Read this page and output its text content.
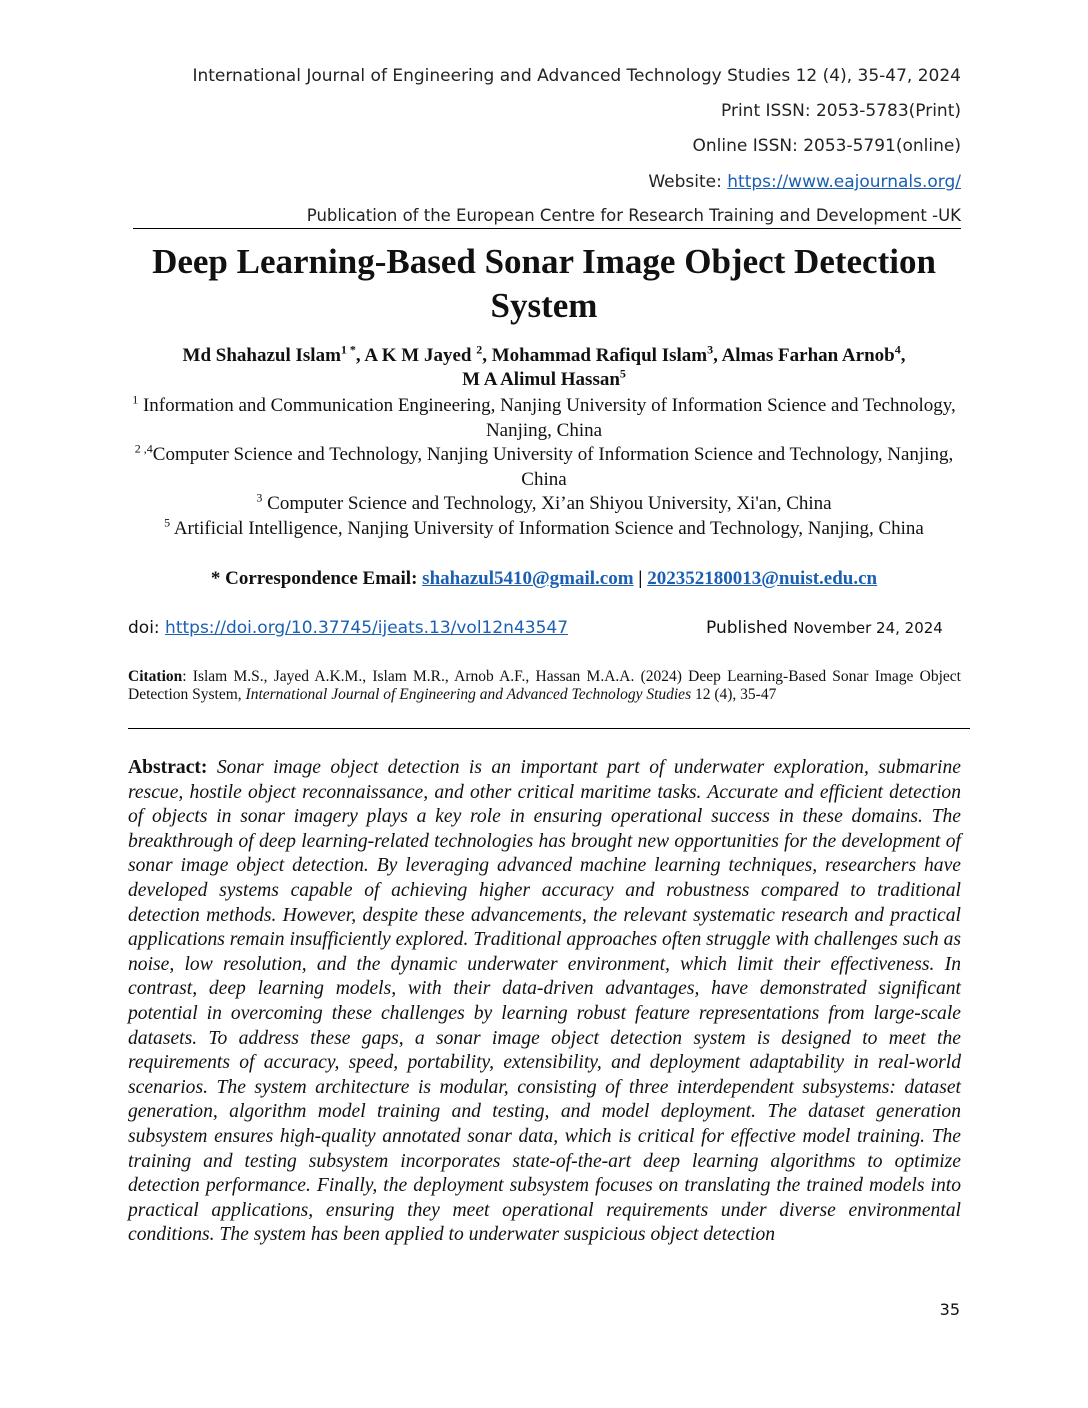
International Journal of Engineering and Advanced Technology Studies 12 (4), 35-47, 2024
Print ISSN: 2053-5783(Print)
Online ISSN: 2053-5791(online)
Website: https://www.eajournals.org/
Publication of the European Centre for Research Training and Development -UK
Deep Learning-Based Sonar Image Object Detection System
Md Shahazul Islam$^{1 *}$, A K M Jayed $^2$, Mohammad Rafiqul Islam$^3$, Almas Farhan Arnob$^4$,
M A Alimul Hassan$^5$
$^1$ Information and Communication Engineering, Nanjing University of Information Science and Technology, Nanjing, China
$^{2 ,4}$Computer Science and Technology, Nanjing University of Information Science and Technology, Nanjing, China
$^3$ Computer Science and Technology, Xi’an Shiyou University, Xi'an, China
$^5$ Artificial Intelligence, Nanjing University of Information Science and Technology, Nanjing, China
* Correspondence Email: shahazul5410@gmail.com | 202352180013@nuist.edu.cn
doi: https://doi.org/10.37745/ijeats.13/vol12n43547	Published November 24, 2024
Citation: Islam M.S., Jayed A.K.M., Islam M.R., Arnob A.F., Hassan M.A.A. (2024) Deep Learning-Based Sonar Image Object Detection System, International Journal of Engineering and Advanced Technology Studies 12 (4), 35-47
Abstract: Sonar image object detection is an important part of underwater exploration, submarine rescue, hostile object reconnaissance, and other critical maritime tasks. Accurate and efficient detection of objects in sonar imagery plays a key role in ensuring operational success in these domains. The breakthrough of deep learning-related technologies has brought new opportunities for the development of sonar image object detection. By leveraging advanced machine learning techniques, researchers have developed systems capable of achieving higher accuracy and robustness compared to traditional detection methods. However, despite these advancements, the relevant systematic research and practical applications remain insufficiently explored. Traditional approaches often struggle with challenges such as noise, low resolution, and the dynamic underwater environment, which limit their effectiveness. In contrast, deep learning models, with their data-driven advantages, have demonstrated significant potential in overcoming these challenges by learning robust feature representations from large-scale datasets. To address these gaps, a sonar image object detection system is designed to meet the requirements of accuracy, speed, portability, extensibility, and deployment adaptability in real-world scenarios. The system architecture is modular, consisting of three interdependent subsystems: dataset generation, algorithm model training and testing, and model deployment. The dataset generation subsystem ensures high-quality annotated sonar data, which is critical for effective model training. The training and testing subsystem incorporates state-of-the-art deep learning algorithms to optimize detection performance. Finally, the deployment subsystem focuses on translating the trained models into practical applications, ensuring they meet operational requirements under diverse environmental conditions. The system has been applied to underwater suspicious object detection
35
